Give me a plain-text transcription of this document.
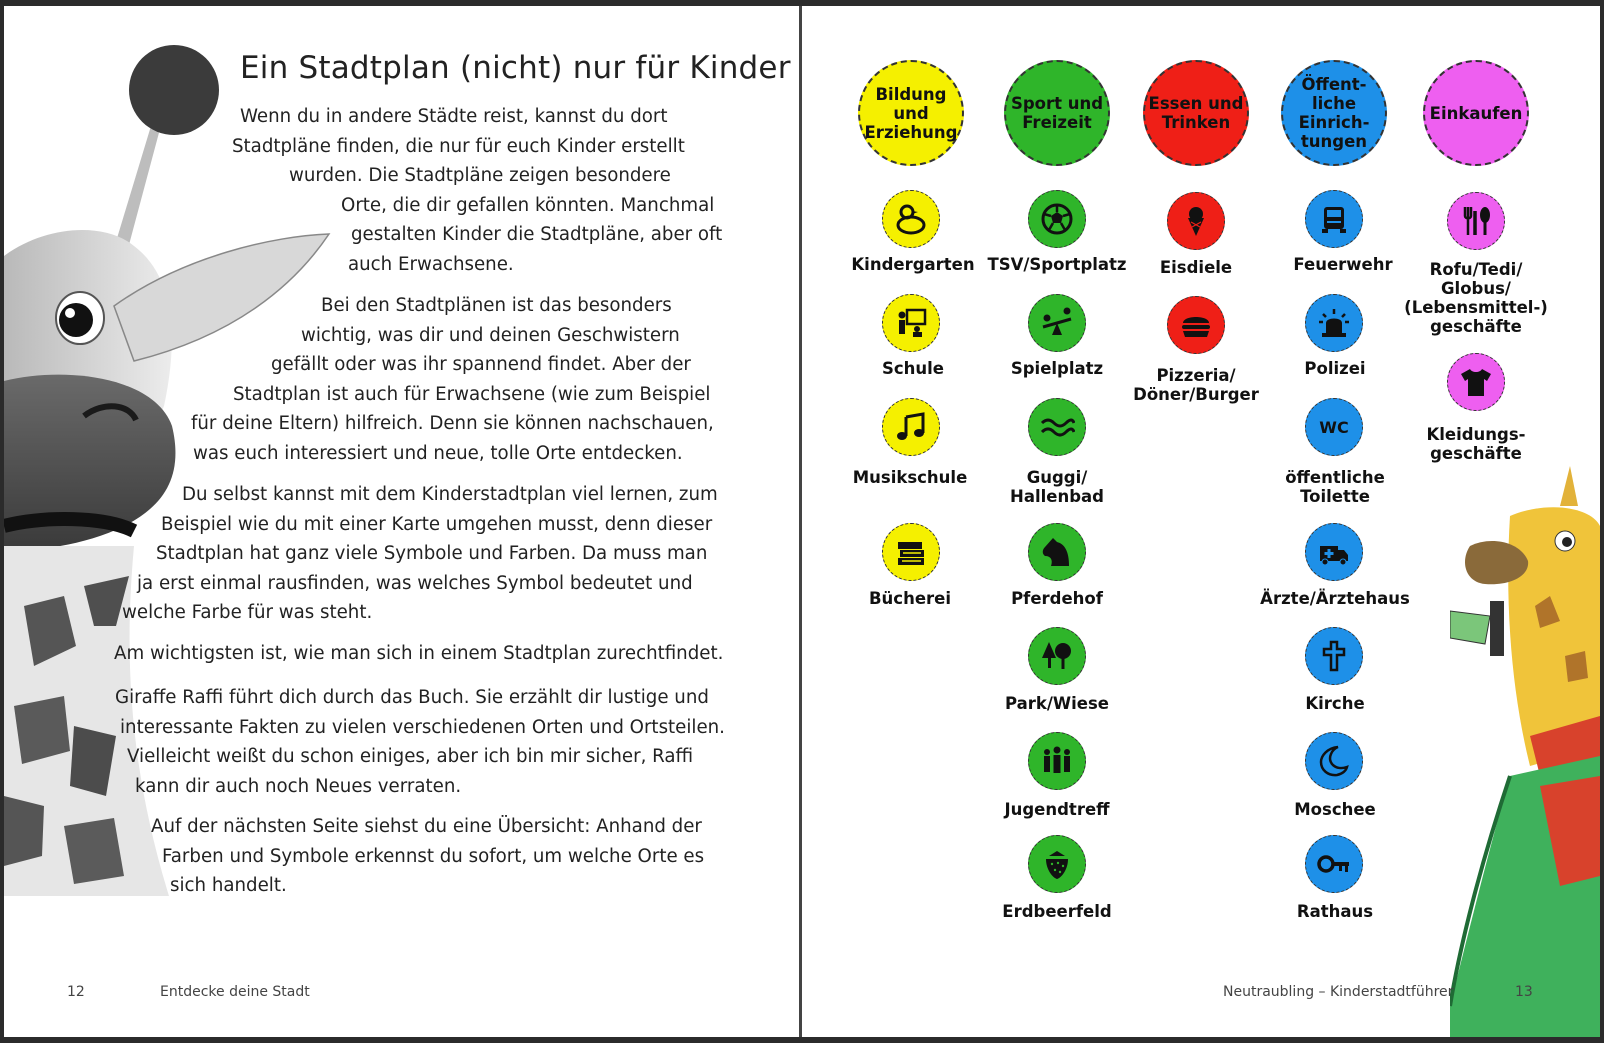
Ein Stadtplan (nicht) nur für Kinder

Wenn du in andere Städte reist, kannst du dort
Stadtpläne finden, die nur für euch Kinder erstellt
wurden. Die Stadtpläne zeigen besondere
Orte, die dir gefallen könnten. Manchmal
gestalten Kinder die Stadtpläne, aber oft
auch Erwachsene.

Bei den Stadtplänen ist das besonders
wichtig, was dir und deinen Geschwistern
gefällt oder was ihr spannend findet. Aber der
Stadtplan ist auch für Erwachsene (wie zum Beispiel
für deine Eltern) hilfreich. Denn sie können nachschauen,
was euch interessiert und neue, tolle Orte entdecken.

Du selbst kannst mit dem Kinderstadtplan viel lernen, zum
Beispiel wie du mit einer Karte umgehen musst, denn dieser
Stadtplan hat ganz viele Symbole und Farben. Da muss man
ja erst einmal rausfinden, was welches Symbol bedeutet und
welche Farbe für was steht.

Am wichtigsten ist, wie man sich in einem Stadtplan zurechtfindet.

Giraffe Raffi führt dich durch das Buch. Sie erzählt dir lustige und
interessante Fakten zu vielen verschiedenen Orten und Ortsteilen.
Vielleicht weißt du schon einiges, aber ich bin mir sicher, Raffi
kann dir auch noch Neues verraten.

Auf der nächsten Seite siehst du eine Übersicht: Anhand der
Farben und Symbole erkennst du sofort, um welche Orte es
sich handelt.

12	Entdecke deine Stadt
Bildung
und
Erziehung
Sport und
Freizeit
Essen und
Trinken
Öffent-
liche
Einrich-
tungen
Einkaufen
Kindergarten
Schule
Musikschule
Bücherei
TSV/Sportplatz
Spielplatz
Guggi/
Hallenbad
Pferdehof
Park/Wiese
Jugendtreff
Erdbeerfeld
Eisdiele
Pizzeria/
Döner/Burger
Feuerwehr
Polizei
WC
öffentliche
Toilette
Ärzte/Ärztehaus
Kirche
Moschee
Rathaus
Rofu/Tedi/
Globus/
(Lebensmittel-)
geschäfte
Kleidungs-
geschäfte
Neutraubling – Kinderstadtführer	13
